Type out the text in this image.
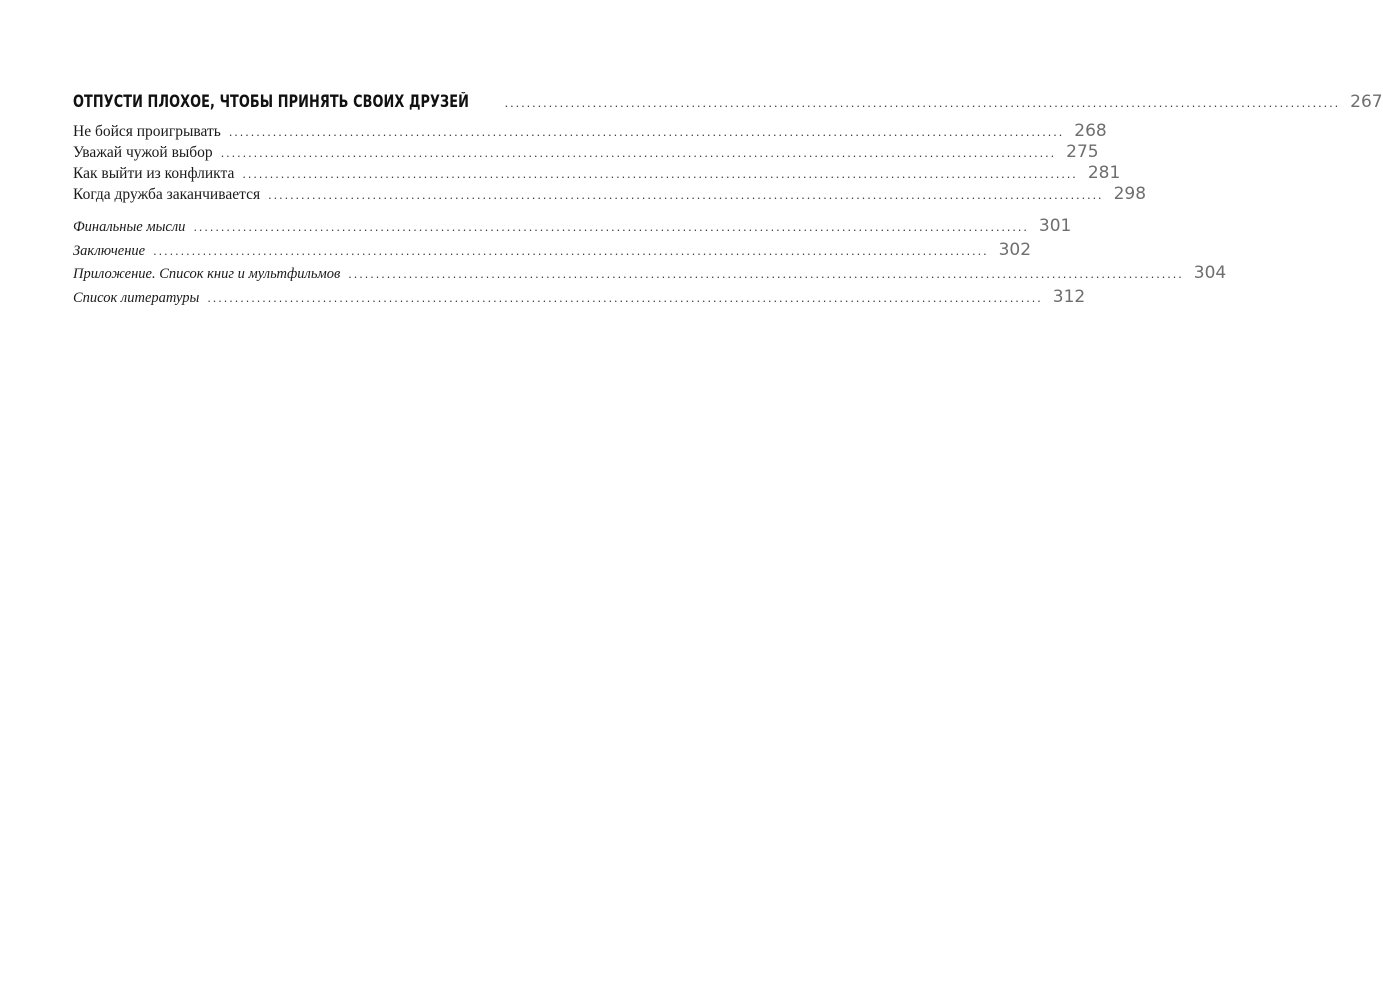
ОТПУСТИ ПЛОХОЕ, ЧТОБЫ ПРИНЯТЬ СВОИХ ДРУЗЕЙ	........................................................................................................................................................ 267
Не бойся проигрывать ........................................................................................................................................................ 268
Уважай чужой выбор ........................................................................................................................................................ 275
Как выйти из конфликта ........................................................................................................................................................ 281
Когда дружба заканчивается ........................................................................................................................................................ 298
Финальные мысли ........................................................................................................................................................ 301
Заключение ........................................................................................................................................................ 302
Приложение. Список книг и мультфильмов ........................................................................................................................................................ 304
Список литературы ........................................................................................................................................................ 312
